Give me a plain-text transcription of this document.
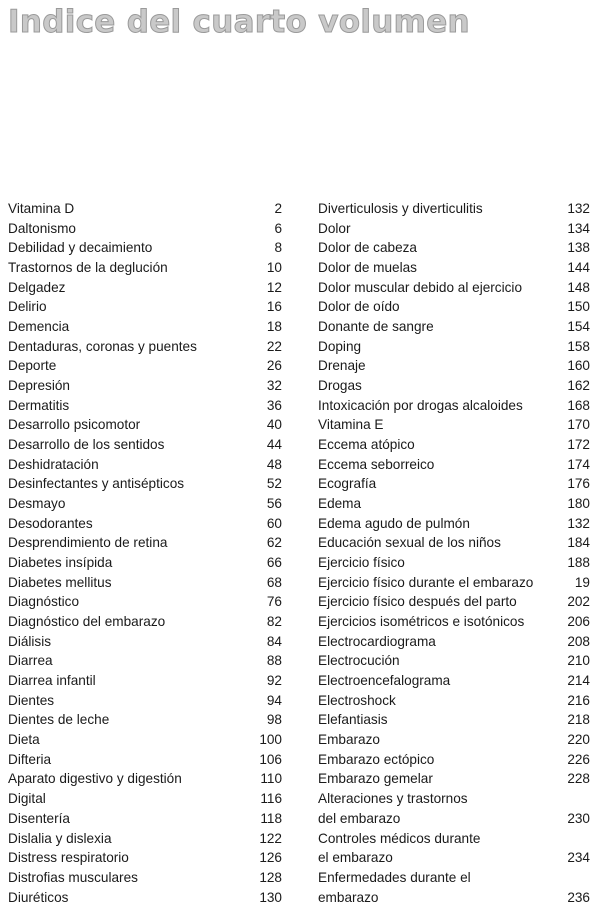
Indice del cuarto volumen
Vitamina D	2
Daltonismo	6
Debilidad y decaimiento	8
Trastornos de la deglución	10
Delgadez	12
Delirio	16
Demencia	18
Dentaduras, coronas y puentes	22
Deporte	26
Depresión	32
Dermatitis	36
Desarrollo psicomotor	40
Desarrollo de los sentidos	44
Deshidratación	48
Desinfectantes y antisépticos	52
Desmayo	56
Desodorantes	60
Desprendimiento de retina	62
Diabetes insípida	66
Diabetes mellitus	68
Diagnóstico	76
Diagnóstico del embarazo	82
Diálisis	84
Diarrea	88
Diarrea infantil	92
Dientes	94
Dientes de leche	98
Dieta	100
Difteria	106
Aparato digestivo y digestión	110
Digital	116
Disentería	118
Dislalia y dislexia	122
Distress respiratorio	126
Distrofias musculares	128
Diuréticos	130
Diverticulosis y diverticulitis	132
Dolor	134
Dolor de cabeza	138
Dolor de muelas	144
Dolor muscular debido al ejercicio	148
Dolor de oído	150
Donante de sangre	154
Doping	158
Drenaje	160
Drogas	162
Intoxicación por drogas alcaloides	168
Vitamina E	170
Eccema atópico	172
Eccema seborreico	174
Ecografía	176
Edema	180
Edema agudo de pulmón	132
Educación sexual de los niños	184
Ejercicio físico	188
Ejercicio físico durante el embarazo	19
Ejercicio físico después del parto	202
Ejercicios isométricos e isotónicos	206
Electrocardiograma	208
Electrocución	210
Electroencefalograma	214
Electroshock	216
Elefantiasis	218
Embarazo	220
Embarazo ectópico	226
Embarazo gemelar	228
Alteraciones y trastornos
del embarazo	230
Controles médicos durante
el embarazo	234
Enfermedades durante el
embarazo	236
